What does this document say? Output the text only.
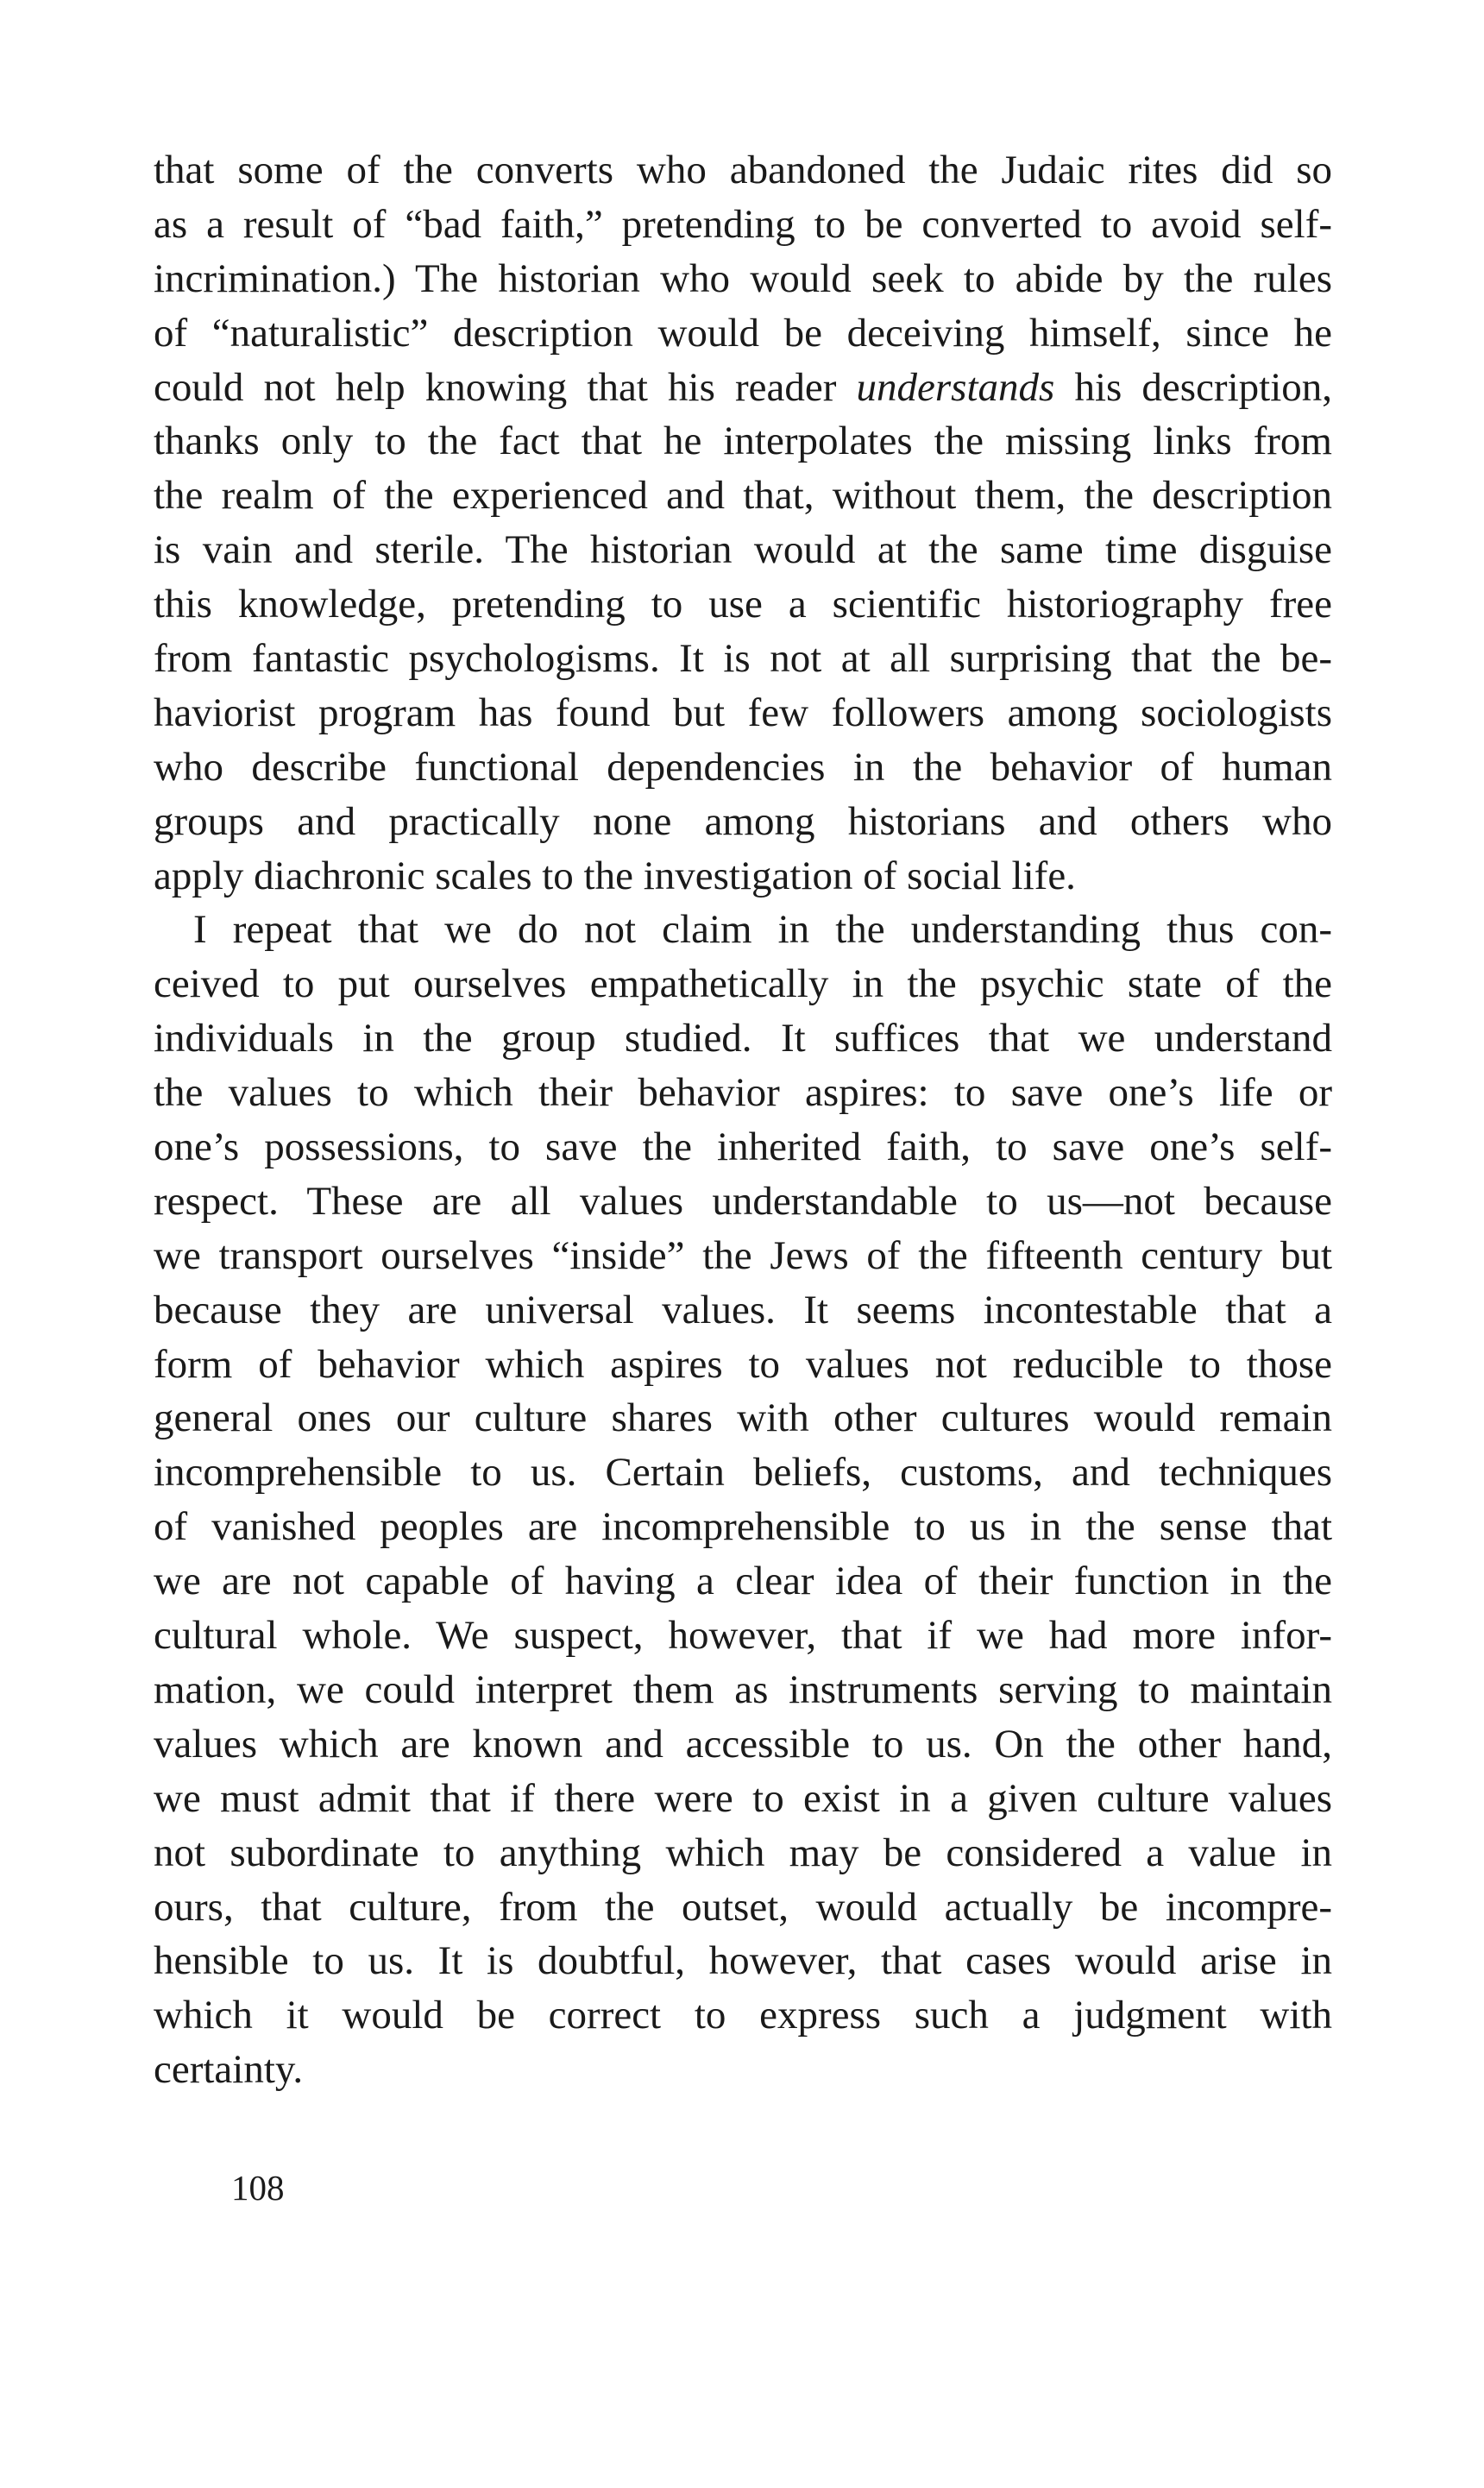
that some of the converts who abandoned the Judaic rites did so
as a result of “bad faith,” pretending to be converted to avoid self-
incrimination.) The historian who would seek to abide by the rules
of “naturalistic” description would be deceiving himself, since he
could not help knowing that his reader understands his description,
thanks only to the fact that he interpolates the missing links from
the realm of the experienced and that, without them, the description
is vain and sterile. The historian would at the same time disguise
this knowledge, pretending to use a scientific historiography free
from fantastic psychologisms. It is not at all surprising that the be-
haviorist program has found but few followers among sociologists
who describe functional dependencies in the behavior of human
groups and practically none among historians and others who
apply diachronic scales to the investigation of social life.
I repeat that we do not claim in the understanding thus con-
ceived to put ourselves empathetically in the psychic state of the
individuals in the group studied. It suffices that we understand
the values to which their behavior aspires: to save one’s life or
one’s possessions, to save the inherited faith, to save one’s self-
respect. These are all values understandable to us—not because
we transport ourselves “inside” the Jews of the fifteenth century but
because they are universal values. It seems incontestable that a
form of behavior which aspires to values not reducible to those
general ones our culture shares with other cultures would remain
incomprehensible to us. Certain beliefs, customs, and techniques
of vanished peoples are incomprehensible to us in the sense that
we are not capable of having a clear idea of their function in the
cultural whole. We suspect, however, that if we had more infor-
mation, we could interpret them as instruments serving to maintain
values which are known and accessible to us. On the other hand,
we must admit that if there were to exist in a given culture values
not subordinate to anything which may be considered a value in
ours, that culture, from the outset, would actually be incompre-
hensible to us. It is doubtful, however, that cases would arise in
which it would be correct to express such a judgment with
certainty.
108
